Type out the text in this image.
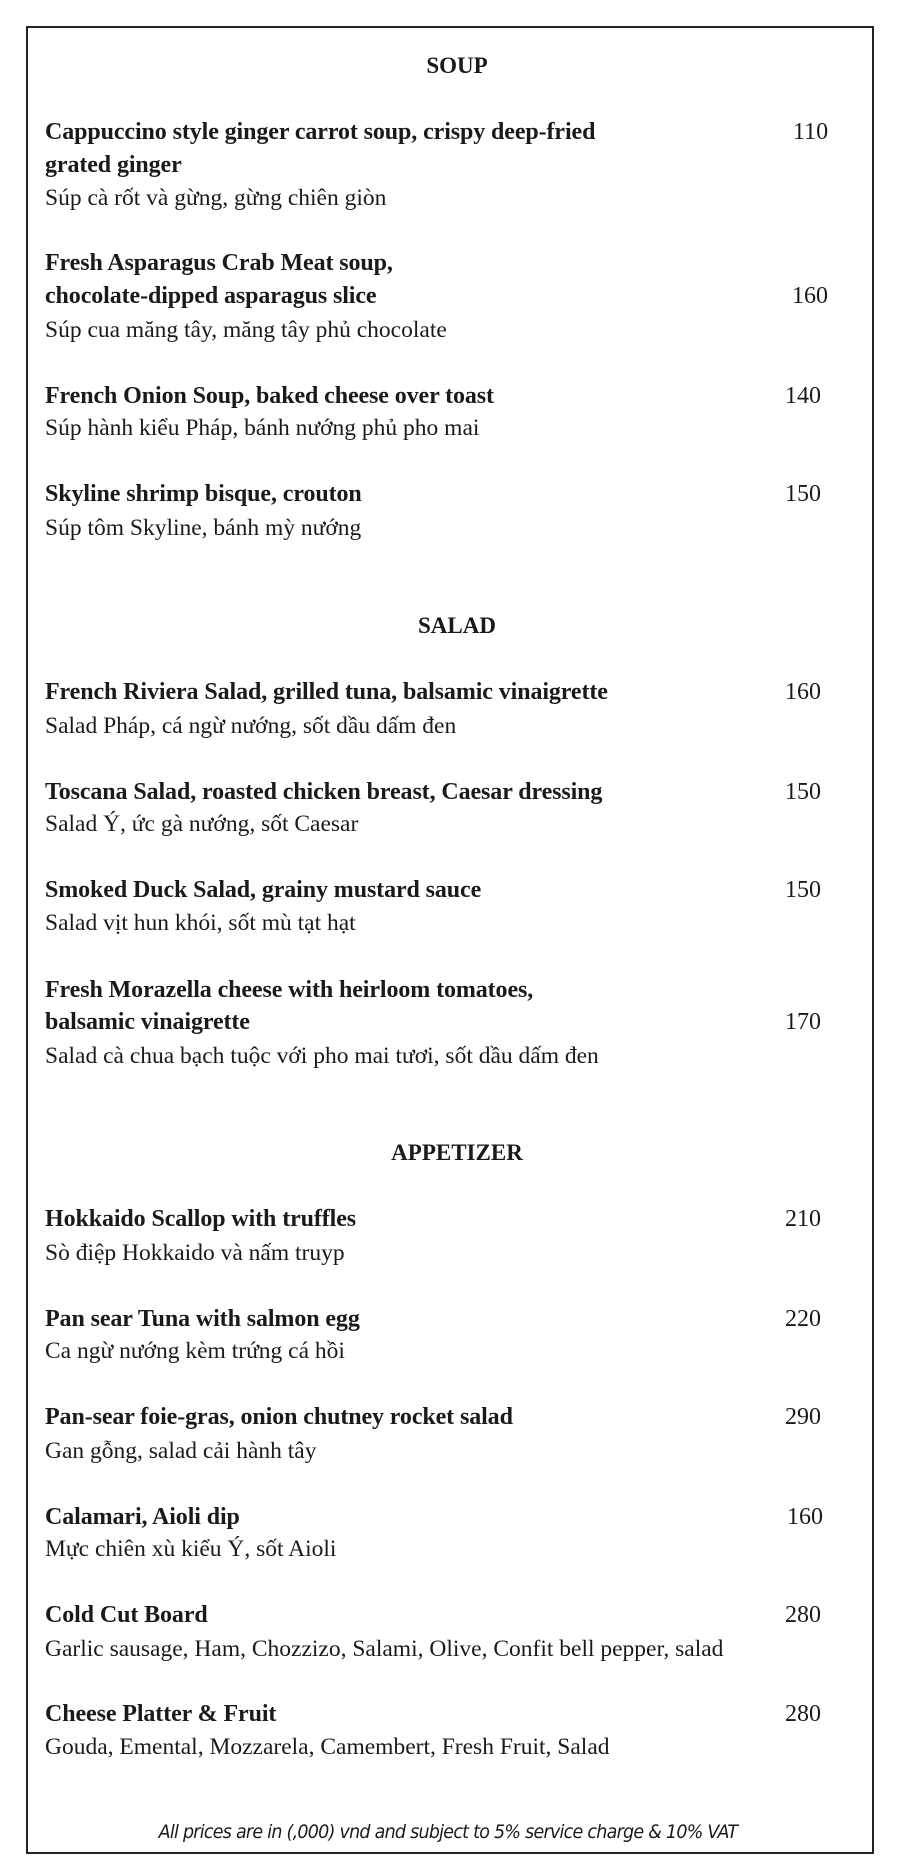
SOUP
Cappuccino style ginger carrot soup, crispy deep-fried	110
grated ginger
Súp cà rốt và gừng, gừng chiên giòn
Fresh Asparagus Crab Meat soup,
chocolate-dipped asparagus slice	160
Súp cua măng tây, măng tây phủ chocolate
French Onion Soup, baked cheese over toast	140
Súp hành kiểu Pháp, bánh nướng phủ pho mai
Skyline shrimp bisque, crouton	150
Súp tôm Skyline, bánh mỳ nướng
SALAD
French Riviera Salad, grilled tuna, balsamic vinaigrette	160
Salad Pháp, cá ngừ nướng, sốt dầu dấm đen
Toscana Salad, roasted chicken breast, Caesar dressing	150
Salad Ý, ức gà nướng, sốt Caesar
Smoked Duck Salad, grainy mustard sauce	150
Salad vịt hun khói, sốt mù tạt hạt
Fresh Morazella cheese with heirloom tomatoes,
balsamic vinaigrette	170
Salad cà chua bạch tuộc với pho mai tươi, sốt dầu dấm đen
APPETIZER
Hokkaido Scallop with truffles	210
Sò điệp Hokkaido và nấm truyp
Pan sear Tuna with salmon egg	220
Ca ngừ nướng kèm trứng cá hồi
Pan-sear foie-gras, onion chutney rocket salad	290
Gan gỗng, salad cải hành tây
Calamari, Aioli dip	160
Mực chiên xù kiểu Ý, sốt Aioli
Cold Cut Board	280
Garlic sausage, Ham, Chozzizo, Salami, Olive, Confit bell pepper, salad
Cheese Platter & Fruit	280
Gouda, Emental, Mozzarela, Camembert, Fresh Fruit, Salad
All prices are in (,000) vnd and subject to 5% service charge & 10% VAT
